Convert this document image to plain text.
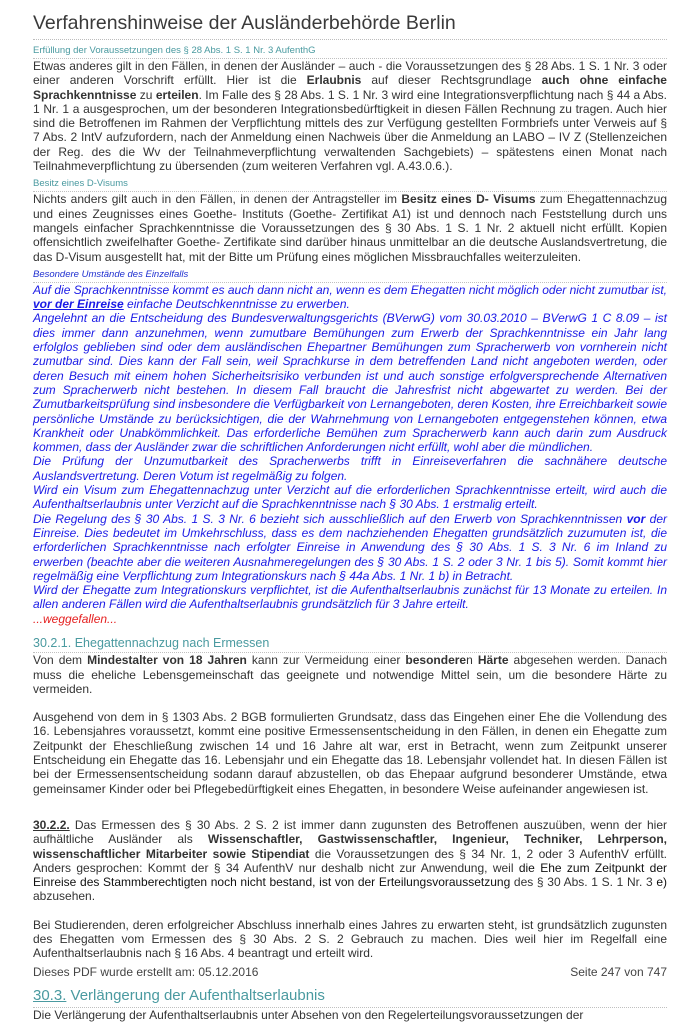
Verfahrenshinweise der Ausländerbehörde Berlin
Erfüllung der Voraussetzungen des § 28 Abs. 1 S. 1 Nr. 3 AufenthG

Etwas anderes gilt in den Fällen, in denen der Ausländer – auch - die Voraussetzungen des § 28 Abs. 1 S. 1 Nr. 3 oder einer anderen Vorschrift erfüllt. Hier ist die Erlaubnis auf dieser Rechtsgrundlage auch ohne einfache Sprachkenntnisse zu erteilen. Im Falle des § 28 Abs. 1 S. 1 Nr. 3 wird eine Integrationsverpflichtung nach § 44 a Abs. 1 Nr. 1 a ausgesprochen, um der besonderen Integrationsbedürftigkeit in diesen Fällen Rechnung zu tragen. Auch hier sind die Betroffenen im Rahmen der Verpflichtung mittels des zur Verfügung gestellten Formbriefs unter Verweis auf § 7 Abs. 2 IntV aufzufordern, nach der Anmeldung einen Nachweis über die Anmeldung an LABO – IV Z (Stellenzeichen der Reg. des die Wv der Teilnahmeverpflichtung verwaltenden Sachgebiets) – spätestens einen Monat nach Teilnahmeverpflichtung zu übersenden (zum weiteren Verfahren vgl. A.43.0.6.).

Besitz eines D-Visums

Nichts anders gilt auch in den Fällen, in denen der Antragsteller im Besitz eines D- Visums zum Ehegattennachzug und eines Zeugnisses eines Goethe- Instituts (Goethe- Zertifikat A1) ist und dennoch nach Feststellung durch uns mangels einfacher Sprachkenntnisse die Voraussetzungen des § 30 Abs. 1 S. 1 Nr. 2 aktuell nicht erfüllt. Kopien offensichtlich zweifelhafter Goethe- Zertifikate sind darüber hinaus unmittelbar an die deutsche Auslandsvertretung, die das D-Visum ausgestellt hat, mit der Bitte um Prüfung eines möglichen Missbrauchfalles weiterzuleiten.

Besondere Umstände des Einzelfalls

Auf die Sprachkenntnisse kommt es auch dann nicht an, wenn es dem Ehegatten nicht möglich oder nicht zumutbar ist, vor der Einreise einfache Deutschkenntnisse zu erwerben.

Angelehnt an die Entscheidung des Bundesverwaltungsgerichts (BVerwG) vom 30.03.2010 – BVerwG 1 C 8.09 – ist dies immer dann anzunehmen, wenn zumutbare Bemühungen zum Erwerb der Sprachkenntnisse ein Jahr lang erfolglos geblieben sind oder dem ausländischen Ehepartner Bemühungen zum Spracherwerb von vornherein nicht zumutbar sind. Dies kann der Fall sein, weil Sprachkurse in dem betreffenden Land nicht angeboten werden, oder deren Besuch mit einem hohen Sicherheitsrisiko verbunden ist und auch sonstige erfolgversprechende Alternativen zum Spracherwerb nicht bestehen. In diesem Fall braucht die Jahresfrist nicht abgewartet zu werden. Bei der Zumutbarkeitsprüfung sind insbesondere die Verfügbarkeit von Lernangeboten, deren Kosten, ihre Erreichbarkeit sowie persönliche Umstände zu berücksichtigen, die der Wahrnehmung von Lernangeboten entgegenstehen können, etwa Krankheit oder Unabkömmlichkeit. Das erforderliche Bemühen zum Spracherwerb kann auch darin zum Ausdruck kommen, dass der Ausländer zwar die schriftlichen Anforderungen nicht erfüllt, wohl aber die mündlichen.

Die Prüfung der Unzumutbarkeit des Spracherwerbs trifft in Einreiseverfahren die sachnähere deutsche Auslandsvertretung. Deren Votum ist regelmäßig zu folgen.

Wird ein Visum zum Ehegattennachzug unter Verzicht auf die erforderlichen Sprachkenntnisse erteilt, wird auch die Aufenthaltserlaubnis unter Verzicht auf die Sprachkenntnisse nach § 30 Abs. 1 erstmalig erteilt.

Die Regelung des § 30 Abs. 1 S. 3 Nr. 6 bezieht sich ausschließlich auf den Erwerb von Sprachkenntnissen vor der Einreise. Dies bedeutet im Umkehrschluss, dass es dem nachziehenden Ehegatten grundsätzlich zuzumuten ist, die erforderlichen Sprachkenntnisse nach erfolgter Einreise in Anwendung des § 30 Abs. 1 S. 3 Nr. 6 im Inland zu erwerben (beachte aber die weiteren Ausnahmeregelungen des § 30 Abs. 1 S. 2 oder 3 Nr. 1 bis 5). Somit kommt hier regelmäßig eine Verpflichtung zum Integrationskurs nach § 44a Abs. 1 Nr. 1 b) in Betracht.

Wird der Ehegatte zum Integrationskurs verpflichtet, ist die Aufenthaltserlaubnis zunächst für 13 Monate zu erteilen. In allen anderen Fällen wird die Aufenthaltserlaubnis grundsätzlich für 3 Jahre erteilt.

...weggefallen...
30.2.1. Ehegattennachzug nach Ermessen

Von dem Mindestalter von 18 Jahren kann zur Vermeidung einer besonderen Härte abgesehen werden. Danach muss die eheliche Lebensgemeinschaft das geeignete und notwendige Mittel sein, um die besondere Härte zu vermeiden.

Ausgehend von dem in § 1303 Abs. 2 BGB formulierten Grundsatz, dass das Eingehen einer Ehe die Vollendung des 16. Lebensjahres voraussetzt, kommt eine positive Ermessensentscheidung in den Fällen, in denen ein Ehegatte zum Zeitpunkt der Eheschließung zwischen 14 und 16 Jahre alt war, erst in Betracht, wenn zum Zeitpunkt unserer Entscheidung ein Ehegatte das 16. Lebensjahr und ein Ehegatte das 18. Lebensjahr vollendet hat. In diesen Fällen ist bei der Ermessensentscheidung sodann darauf abzustellen, ob das Ehepaar aufgrund besonderer Umstände, etwa gemeinsamer Kinder oder bei Pflegebedürftigkeit eines Ehegatten, in besondere Weise aufeinander angewiesen ist.

30.2.2. Das Ermessen des § 30 Abs. 2 S. 2 ist immer dann zugunsten des Betroffenen auszuüben, wenn der hier aufhältliche Ausländer als Wissenschaftler, Gastwissenschaftler, Ingenieur, Techniker, Lehrperson, wissenschaftlicher Mitarbeiter sowie Stipendiat die Voraussetzungen des § 34 Nr. 1, 2 oder 3 AufenthV erfüllt. Anders gesprochen: Kommt der § 34 AufenthV nur deshalb nicht zur Anwendung, weil die Ehe zum Zeitpunkt der Einreise des Stammberechtigten noch nicht bestand, ist von der Erteilungsvoraussetzung des § 30 Abs. 1 S. 1 Nr. 3 e) abzusehen.

Bei Studierenden, deren erfolgreicher Abschluss innerhalb eines Jahres zu erwarten steht, ist grundsätzlich zugunsten des Ehegatten vom Ermessen des § 30 Abs. 2 S. 2 Gebrauch zu machen. Dies weil hier im Regelfall eine Aufenthaltserlaubnis nach § 16 Abs. 4 beantragt und erteilt wird.

30.3. Verlängerung der Aufenthaltserlaubnis

Die Verlängerung der Aufenthaltserlaubnis unter Absehen von den Regelerteilungsvoraussetzungen der

Dieses PDF wurde erstellt am: 05.12.2016	Seite 247 von 747
